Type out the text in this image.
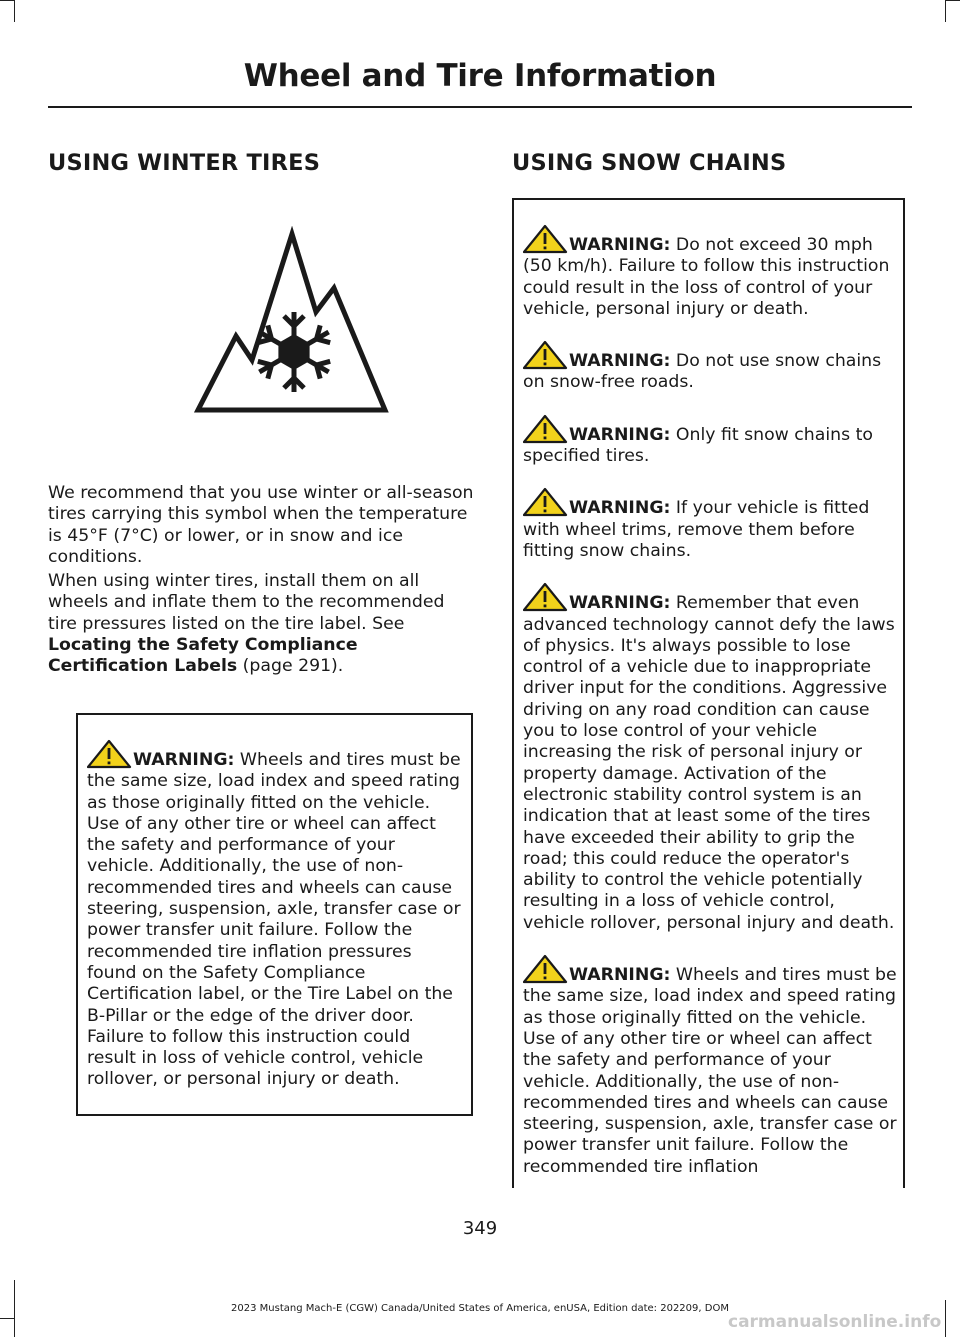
Wheel and Tire Information
USING WINTER TIRES

We recommend that you use winter or all-season tires carrying this symbol when the temperature is 45°F (7°C) or lower, or in snow and ice conditions.

When using winter tires, install them on all wheels and inflate them to the recommended tire pressures listed on the tire label. See Locating the Safety Compliance Certification Labels (page 291).

WARNING: Wheels and tires must be the same size, load index and speed rating as those originally fitted on the vehicle. Use of any other tire or wheel can affect the safety and performance of your vehicle. Additionally, the use of non-recommended tires and wheels can cause steering, suspension, axle, transfer case or power transfer unit failure. Follow the recommended tire inflation pressures found on the Safety Compliance Certification label, or the Tire Label on the B-Pillar or the edge of the driver door. Failure to follow this instruction could result in loss of vehicle control, vehicle rollover, or personal injury or death.

USING SNOW CHAINS

WARNING: Do not exceed 30 mph (50 km/h). Failure to follow this instruction could result in the loss of control of your vehicle, personal injury or death.

WARNING: Do not use snow chains on snow-free roads.

WARNING: Only fit snow chains to specified tires.

WARNING: If your vehicle is fitted with wheel trims, remove them before fitting snow chains.

WARNING: Remember that even advanced technology cannot defy the laws of physics. It's always possible to lose control of a vehicle due to inappropriate driver input for the conditions. Aggressive driving on any road condition can cause you to lose control of your vehicle increasing the risk of personal injury or property damage. Activation of the electronic stability control system is an indication that at least some of the tires have exceeded their ability to grip the road; this could reduce the operator's ability to control the vehicle potentially resulting in a loss of vehicle control, vehicle rollover, personal injury and death.

WARNING: Wheels and tires must be the same size, load index and speed rating as those originally fitted on the vehicle. Use of any other tire or wheel can affect the safety and performance of your vehicle. Additionally, the use of non-recommended tires and wheels can cause steering, suspension, axle, transfer case or power transfer unit failure. Follow the recommended tire inflation

349
2023 Mustang Mach-E (CGW) Canada/United States of America, enUSA, Edition date: 202209, DOM
carmanualsonline.info
